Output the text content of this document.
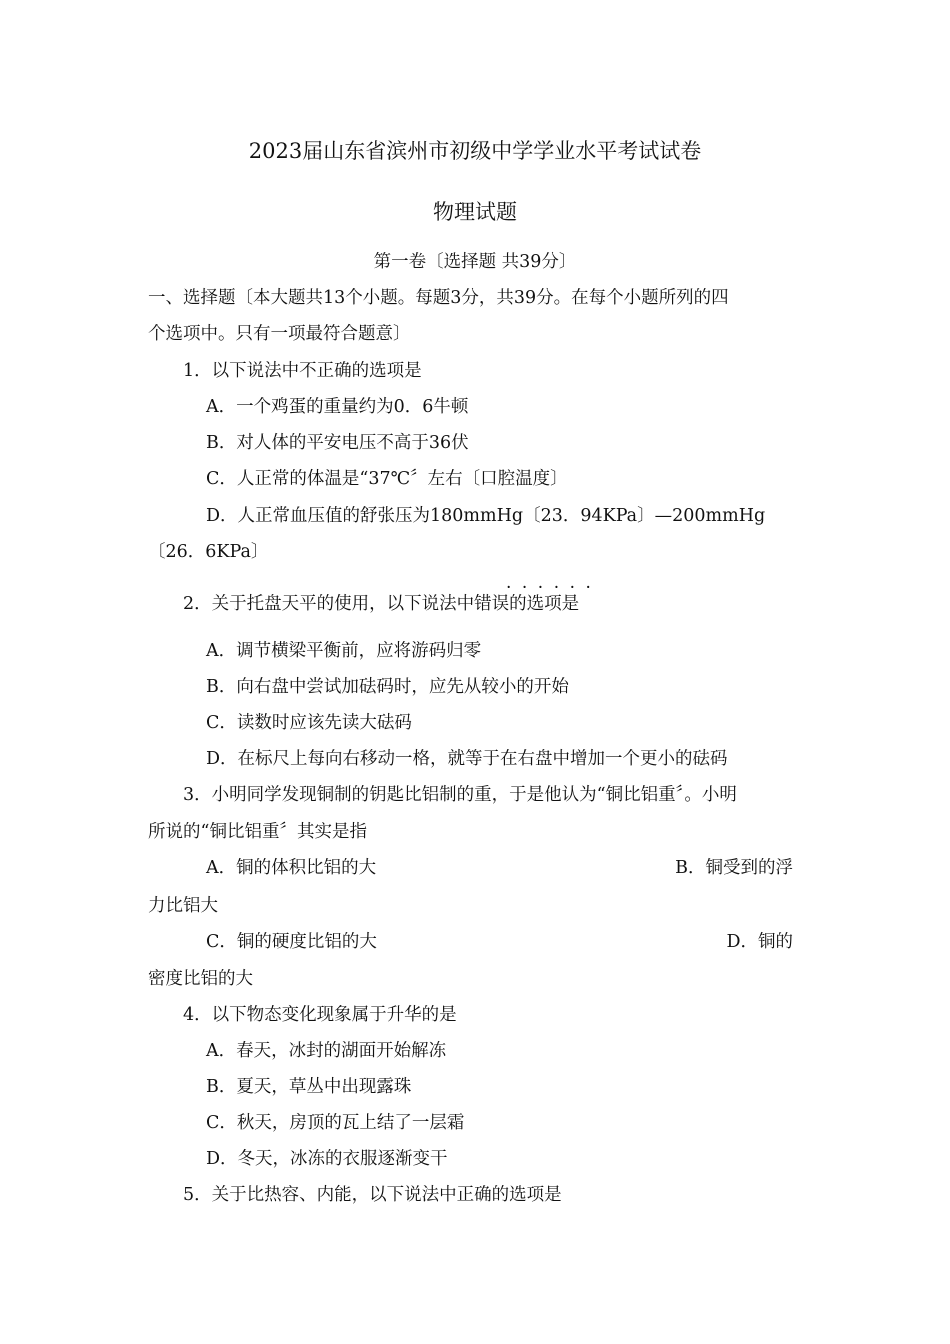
2023届山东省滨州市初级中学学业水平考试试卷
物理试题
第一卷〔选择题 共39分〕
一、选择题〔本大题共13个小题。每题3分，共39分。在每个小题所列的四
个选项中。只有一项最符合题意〕
1．以下说法中不正确的选项是
A．一个鸡蛋的重量约为0．6牛顿
B．对人体的平安电压不高于36伏
C．人正常的体温是“37℃〞左右〔口腔温度〕
D．人正常血压值的舒张压为180mmHg〔23．94KPa〕—200mmHg
〔26．6KPa〕
······
2．关于托盘天平的使用，以下说法中错误的选项是
A．调节横梁平衡前，应将游码归零
B．向右盘中尝试加砝码时，应先从较小的开始
C．读数时应该先读大砝码
D．在标尺上每向右移动一格，就等于在右盘中增加一个更小的砝码
3．小明同学发现铜制的钥匙比铝制的重，于是他认为“铜比铝重〞。小明
所说的“铜比铝重〞其实是指
A．铜的体积比铝的大	B．铜受到的浮
力比铝大
C．铜的硬度比铝的大	D．铜的
密度比铝的大
4．以下物态变化现象属于升华的是
A．春天，冰封的湖面开始解冻
B．夏天，草丛中出现露珠
C．秋天，房顶的瓦上结了一层霜
D．冬天，冰冻的衣服逐渐变干
5．关于比热容、内能，以下说法中正确的选项是
